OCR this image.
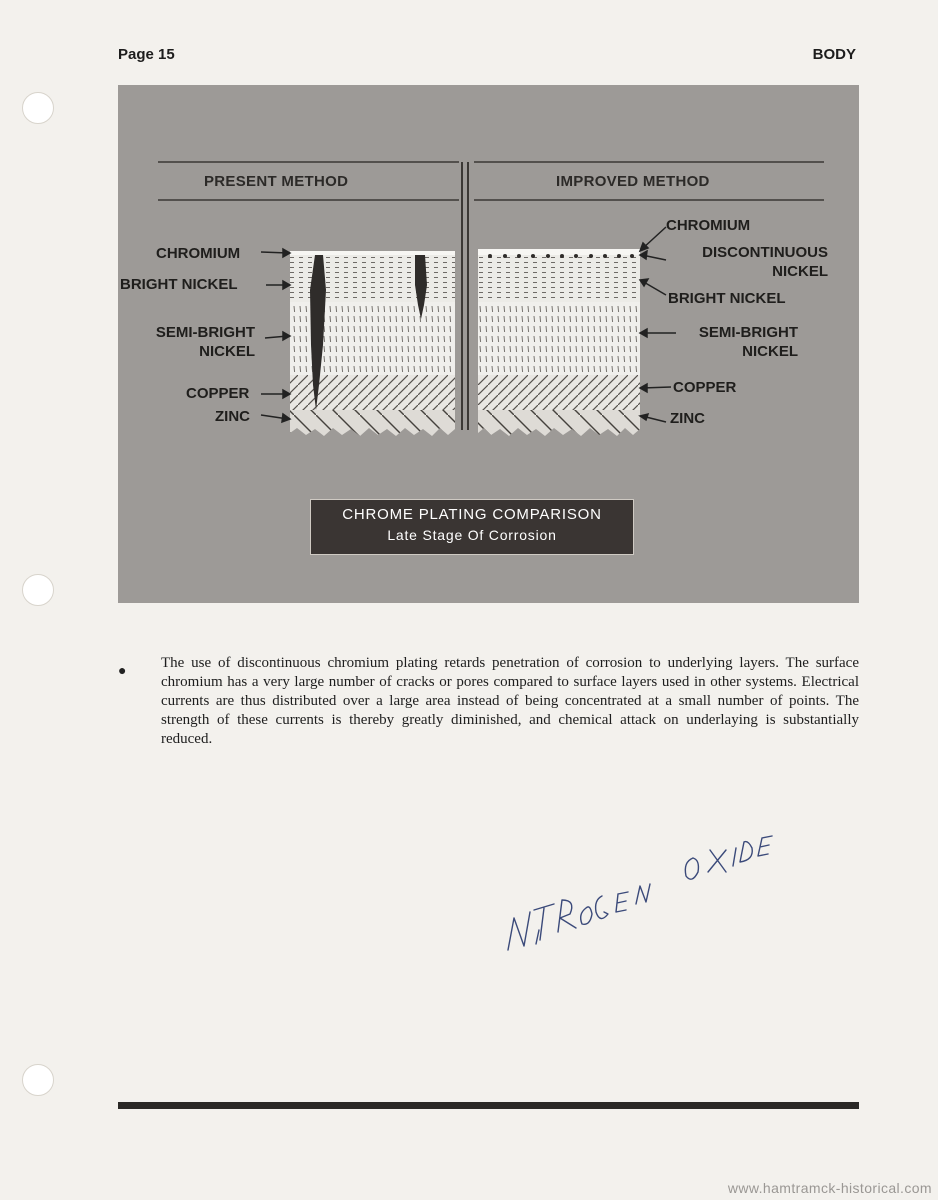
Page 15	BODY
PRESENT METHOD	IMPROVED METHOD
CHROMIUM
BRIGHT NICKEL
SEMI-BRIGHT
NICKEL
COPPER
ZINC
CHROMIUM
DISCONTINUOUS
NICKEL
BRIGHT NICKEL
SEMI-BRIGHT
NICKEL
COPPER
ZINC
CHROME PLATING COMPARISON
Late Stage Of Corrosion
● The use of discontinuous chromium plating retards penetration of corrosion to underlying layers. The surface chromium has a very large number of cracks or pores compared to surface layers used in other systems. Electrical currents are thus distributed over a large area instead of being concentrated at a small number of points. The strength of these currents is thereby greatly diminished, and chemical attack on underlaying is substantially reduced.
www.hamtramck-historical.com
